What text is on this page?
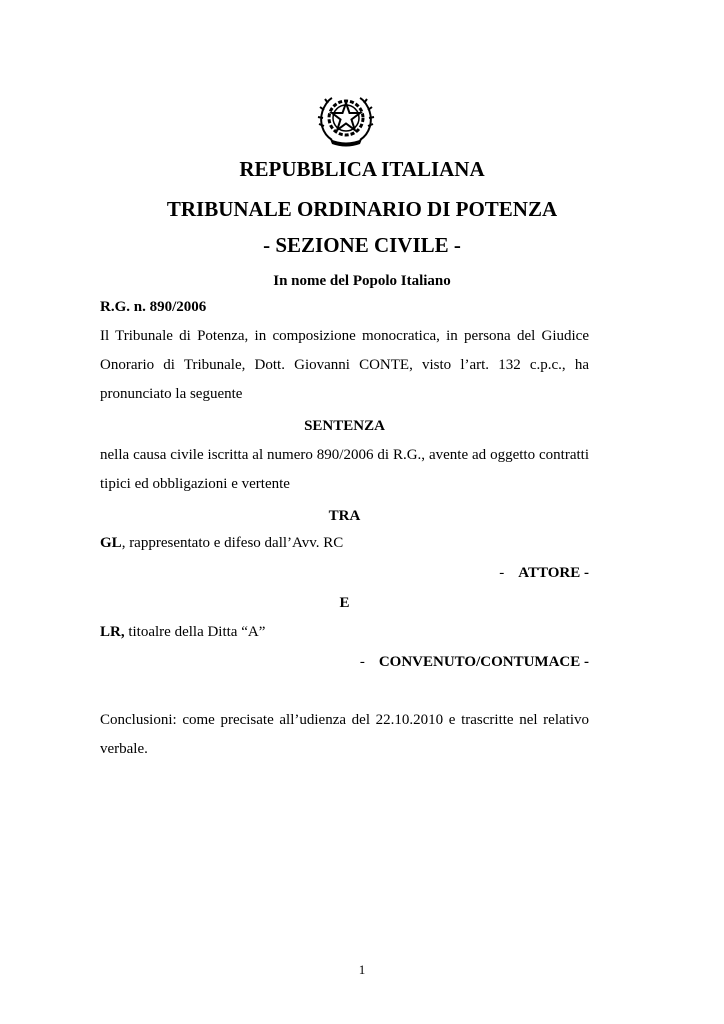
REPUBBLICA ITALIANA
TRIBUNALE ORDINARIO DI POTENZA
- SEZIONE CIVILE -
In nome del Popolo Italiano
R.G. n. 890/2006
Il Tribunale di Potenza, in composizione monocratica, in persona del Giudice Onorario di Tribunale, Dott. Giovanni CONTE, visto l’art. 132 c.p.c., ha pronunciato la seguente
SENTENZA
nella causa civile iscritta al numero 890/2006 di R.G., avente ad oggetto contratti tipici ed obbligazioni e vertente
TRA
GL, rappresentato e difeso dall’Avv. RC
- ATTORE -
E
LR, titoalre della Ditta “A”
- CONVENUTO/CONTUMACE -
Conclusioni: come precisate all’udienza del 22.10.2010 e trascritte nel relativo verbale.
1
